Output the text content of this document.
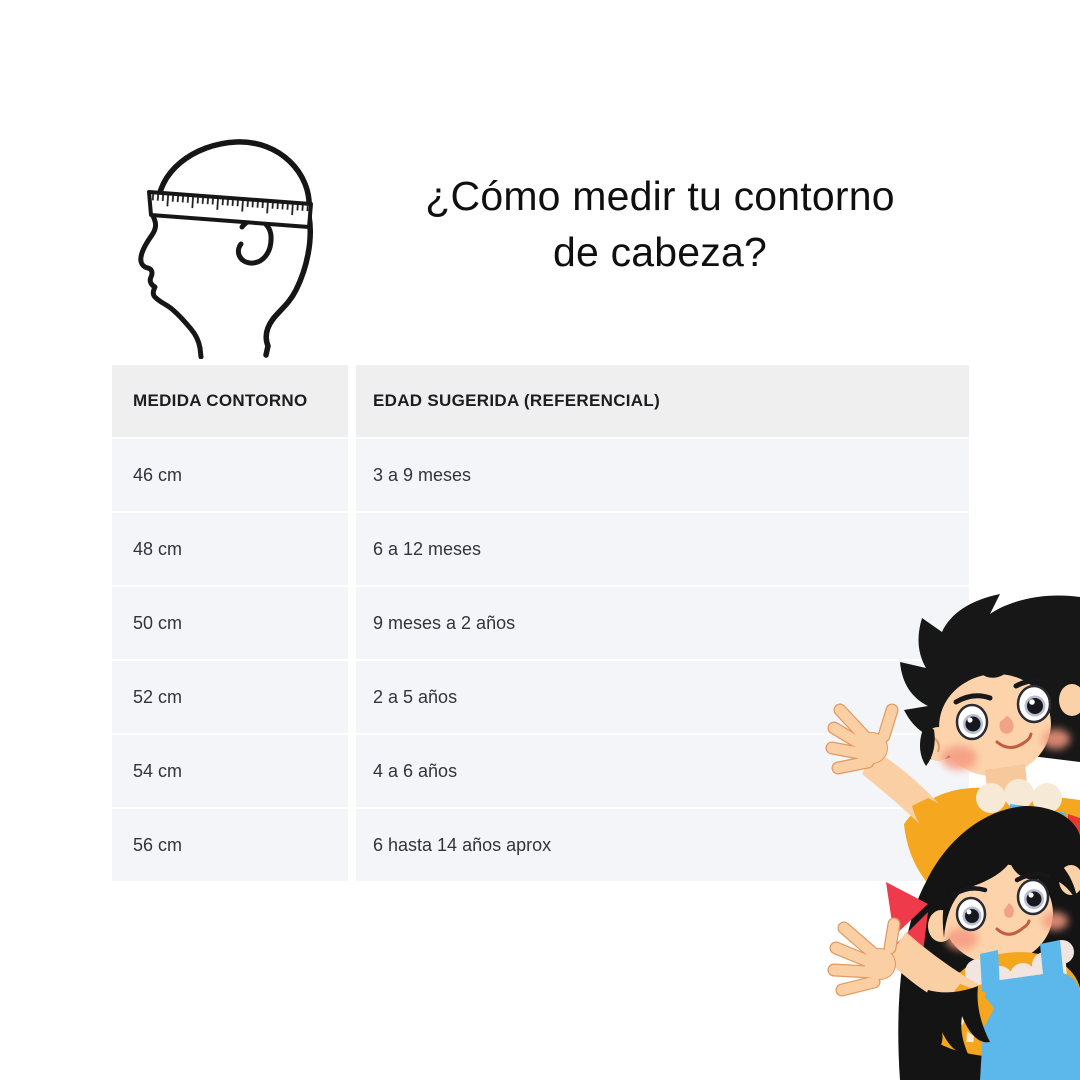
¿Cómo medir tu contorno
de cabeza?
MEDIDA CONTORNO	EDAD SUGERIDA (REFERENCIAL)
46 cm	3 a 9 meses
48 cm	6 a 12 meses
50 cm	9 meses a 2 años
52 cm	2 a 5 años
54 cm	4 a 6 años
56 cm	6 hasta 14 años aprox
